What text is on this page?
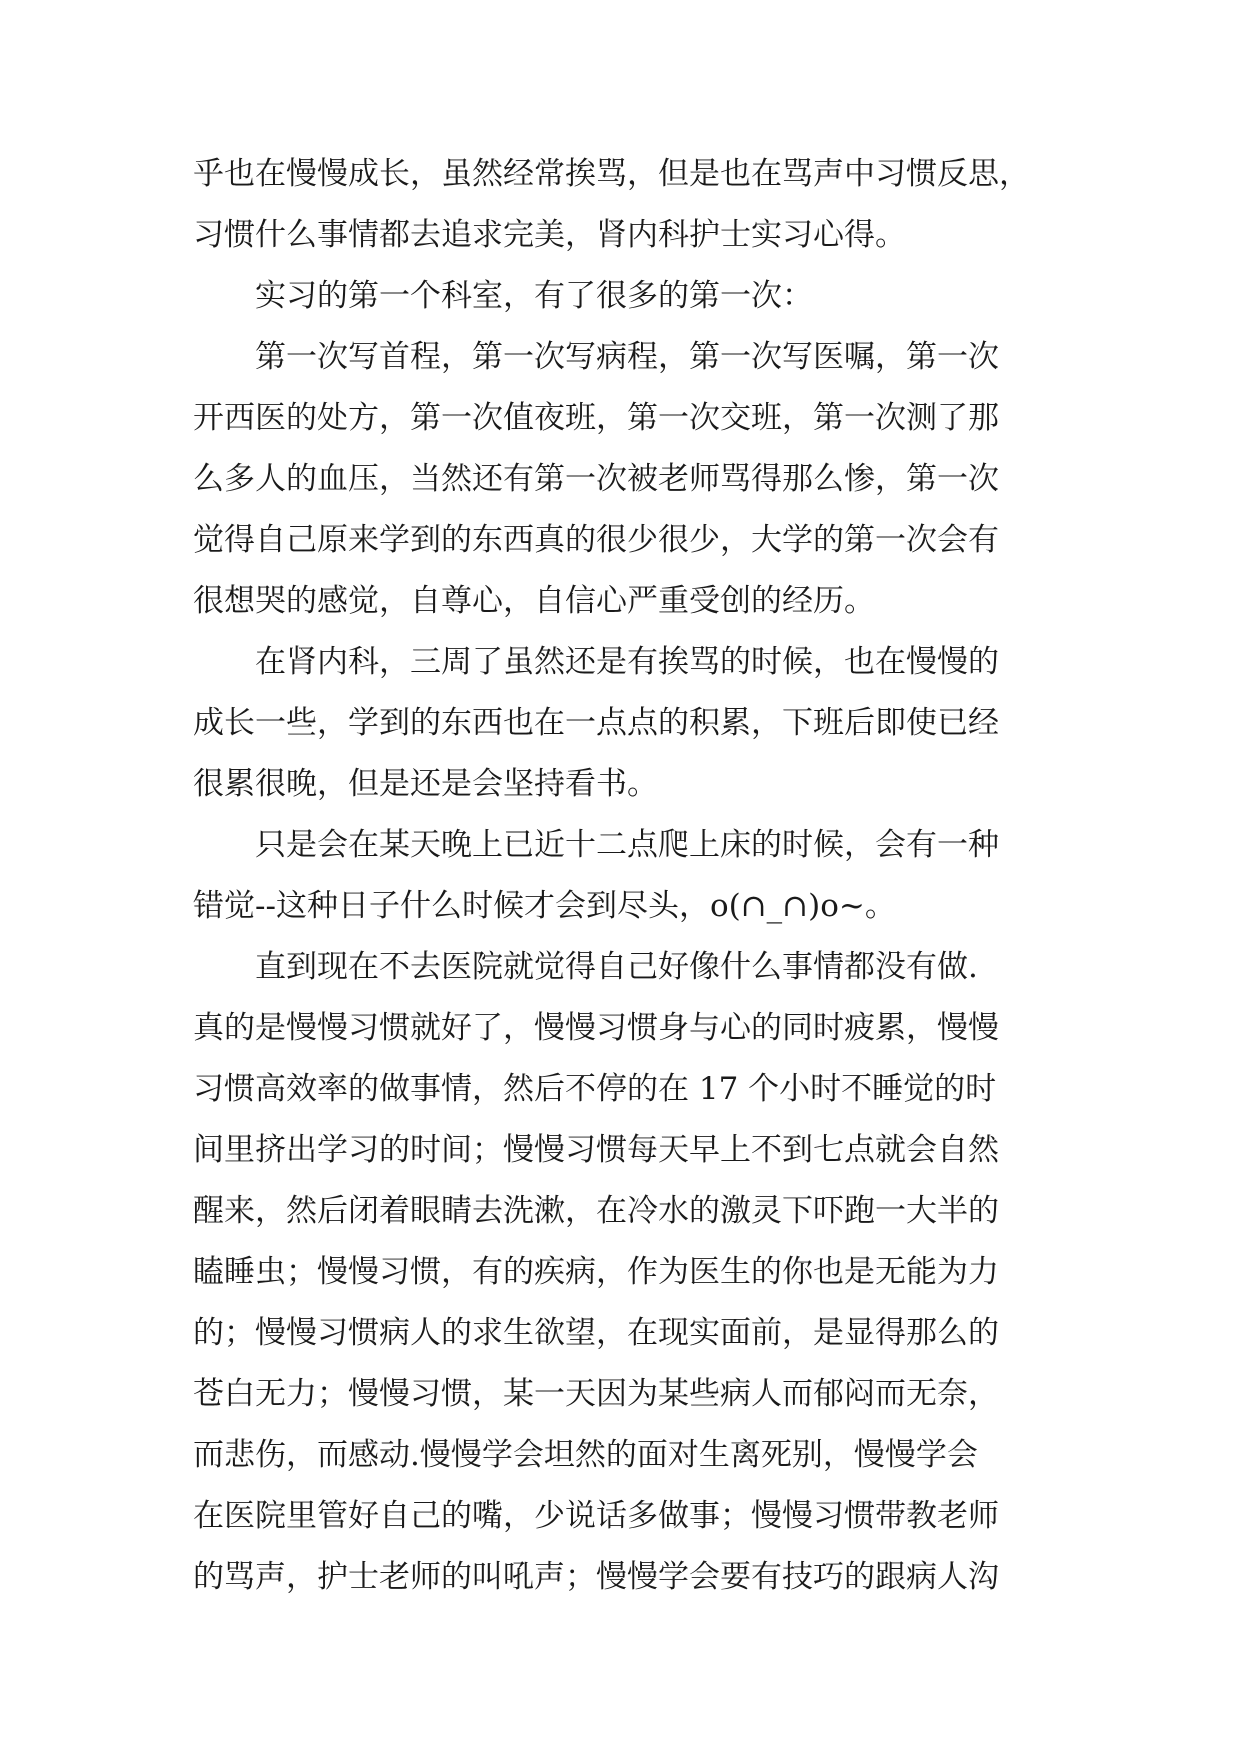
乎也在慢慢成长，虽然经常挨骂，但是也在骂声中习惯反思，
习惯什么事情都去追求完美，肾内科护士实习心得。
实习的第一个科室，有了很多的第一次：
第一次写首程，第一次写病程，第一次写医嘱，第一次
开西医的处方，第一次值夜班，第一次交班，第一次测了那
么多人的血压，当然还有第一次被老师骂得那么惨，第一次
觉得自己原来学到的东西真的很少很少，大学的第一次会有
很想哭的感觉，自尊心，自信心严重受创的经历。
在肾内科，三周了虽然还是有挨骂的时候，也在慢慢的
成长一些，学到的东西也在一点点的积累，下班后即使已经
很累很晚，但是还是会坚持看书。
只是会在某天晚上已近十二点爬上床的时候，会有一种
错觉--这种日子什么时候才会到尽头，o(∩_∩)o~。
直到现在不去医院就觉得自己好像什么事情都没有做.
真的是慢慢习惯就好了，慢慢习惯身与心的同时疲累，慢慢
习惯高效率的做事情，然后不停的在 17 个小时不睡觉的时
间里挤出学习的时间；慢慢习惯每天早上不到七点就会自然
醒来，然后闭着眼睛去洗漱，在冷水的激灵下吓跑一大半的
瞌睡虫；慢慢习惯，有的疾病，作为医生的你也是无能为力
的；慢慢习惯病人的求生欲望，在现实面前，是显得那么的
苍白无力；慢慢习惯，某一天因为某些病人而郁闷而无奈，
而悲伤，而感动.慢慢学会坦然的面对生离死别，慢慢学会
在医院里管好自己的嘴，少说话多做事；慢慢习惯带教老师
的骂声，护士老师的叫吼声；慢慢学会要有技巧的跟病人沟
